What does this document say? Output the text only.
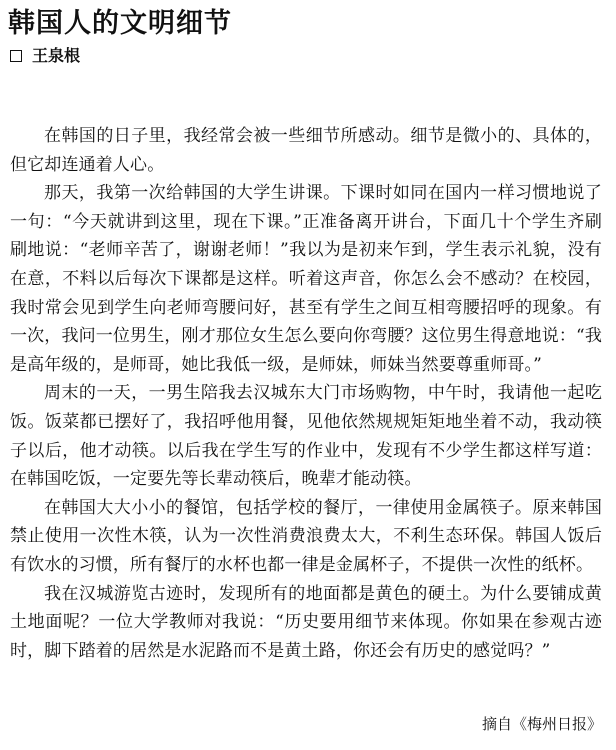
韩国人的文明细节
王泉根

在韩国的日子里，我经常会被一些细节所感动。细节是微小的、具体的，但它却连通着人心。

那天，我第一次给韩国的大学生讲课。下课时如同在国内一样习惯地说了一句：“今天就讲到这里，现在下课。”正准备离开讲台，下面几十个学生齐刷刷地说：“老师辛苦了，谢谢老师！”我以为是初来乍到，学生表示礼貌，没有在意，不料以后每次下课都是这样。听着这声音，你怎么会不感动？在校园，我时常会见到学生向老师弯腰问好，甚至有学生之间互相弯腰招呼的现象。有一次，我问一位男生，刚才那位女生怎么要向你弯腰？这位男生得意地说：“我是高年级的，是师哥，她比我低一级，是师妹，师妹当然要尊重师哥。”

周末的一天，一男生陪我去汉城东大门市场购物，中午时，我请他一起吃饭。饭菜都已摆好了，我招呼他用餐，见他依然规规矩矩地坐着不动，我动筷子以后，他才动筷。以后我在学生写的作业中，发现有不少学生都这样写道：在韩国吃饭，一定要先等长辈动筷后，晚辈才能动筷。

在韩国大大小小的餐馆，包括学校的餐厅，一律使用金属筷子。原来韩国禁止使用一次性木筷，认为一次性消费浪费太大，不利生态环保。韩国人饭后有饮水的习惯，所有餐厅的水杯也都一律是金属杯子，不提供一次性的纸杯。

我在汉城游览古迹时，发现所有的地面都是黄色的硬土。为什么要铺成黄土地面呢？一位大学教师对我说：“历史要用细节来体现。你如果在参观古迹时，脚下踏着的居然是水泥路而不是黄土路，你还会有历史的感觉吗？”

摘自《梅州日报》
